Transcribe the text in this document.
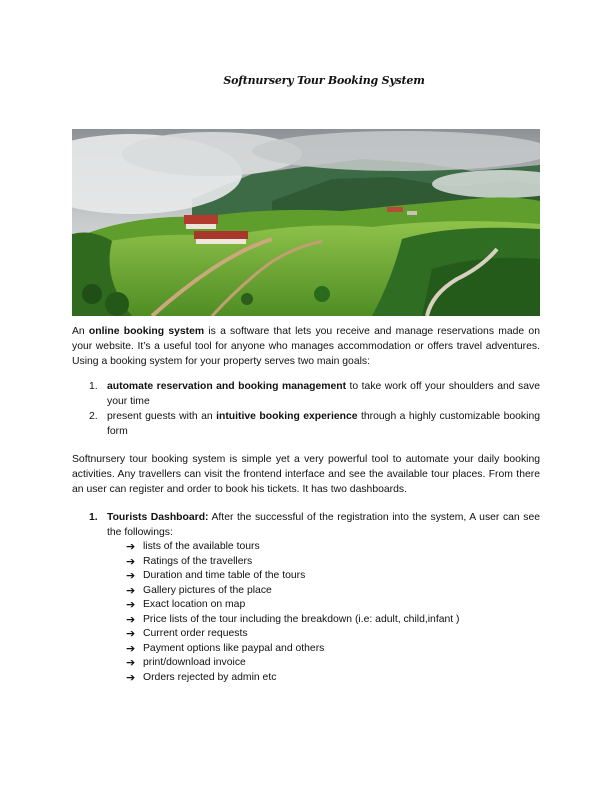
Softnursery Tour Booking System

An online booking system is a software that lets you receive and manage reservations made on your website. It’s a useful tool for anyone who manages accommodation or offers travel adventures. Using a booking system for your property serves two main goals:

1. automate reservation and booking management to take work off your shoulders and save your time
2. present guests with an intuitive booking experience through a highly customizable booking form

Softnursery tour booking system is simple yet a very powerful tool to automate your daily booking activities. Any travellers can visit the frontend interface and see the available tour places. From there an user can register and order to book his tickets. It has two dashboards.

1. Tourists Dashboard: After the successful of the registration into the system, A user can see the followings:
➔ lists of the available tours
➔ Ratings of the travellers
➔ Duration and time table of the tours
➔ Gallery pictures of the place
➔ Exact location on map
➔ Price lists of the tour including the breakdown (i.e: adult, child,infant )
➔ Current order requests
➔ Payment options like paypal and others
➔ print/download invoice
➔ Orders rejected by admin etc
